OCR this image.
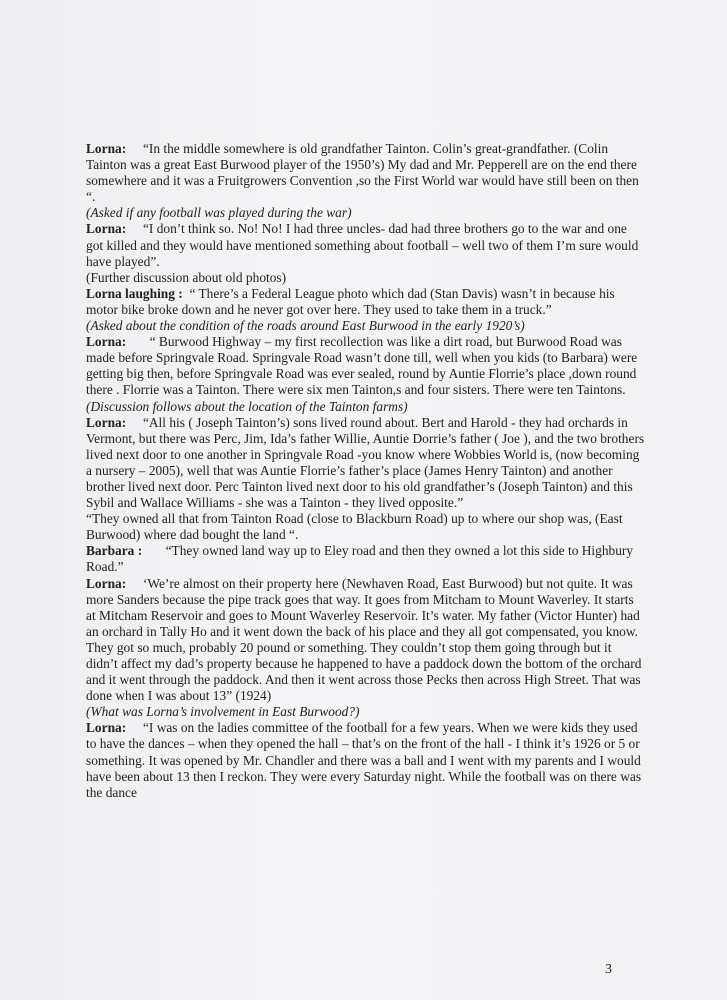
Lorna: “In the middle somewhere is old grandfather Tainton. Colin’s great-grandfather. (Colin Tainton was a great East Burwood player of the 1950’s) My dad and Mr. Pepperell are on the end there somewhere and it was a Fruitgrowers Convention ,so the First World war would have still been on then “.

(Asked if any football was played during the war)

Lorna: “I don’t think so. No! No! I had three uncles- dad had three brothers go to the war and one got killed and they would have mentioned something about football – well two of them I’m sure would have played”.

(Further discussion about old photos)

Lorna laughing : “ There’s a Federal League photo which dad (Stan Davis) wasn’t in because his motor bike broke down and he never got over here. They used to take them in a truck.”

(Asked about the condition of the roads around East Burwood in the early 1920’s)

Lorna: “ Burwood Highway – my first recollection was like a dirt road, but Burwood Road was made before Springvale Road. Springvale Road wasn’t done till, well when you kids (to Barbara) were getting big then, before Springvale Road was ever sealed, round by Auntie Florrie’s place ,down round there . Florrie was a Tainton. There were six men Tainton,s and four sisters. There were ten Taintons.

(Discussion follows about the location of the Tainton farms)

Lorna: “All his ( Joseph Tainton’s) sons lived round about. Bert and Harold - they had orchards in Vermont, but there was Perc, Jim, Ida’s father Willie, Auntie Dorrie’s father ( Joe ), and the two brothers lived next door to one another in Springvale Road -you know where Wobbies World is, (now becoming a nursery – 2005), well that was Auntie Florrie’s father’s place (James Henry Tainton) and another brother lived next door. Perc Tainton lived next door to his old grandfather’s (Joseph Tainton) and this Sybil and Wallace Williams - she was a Tainton - they lived opposite.”

“They owned all that from Tainton Road (close to Blackburn Road) up to where our shop was, (East Burwood) where dad bought the land “.

Barbara : “They owned land way up to Eley road and then they owned a lot this side to Highbury Road.”

Lorna: ‘We’re almost on their property here (Newhaven Road, East Burwood) but not quite. It was more Sanders because the pipe track goes that way. It goes from Mitcham to Mount Waverley. It starts at Mitcham Reservoir and goes to Mount Waverley Reservoir. It’s water. My father (Victor Hunter) had an orchard in Tally Ho and it went down the back of his place and they all got compensated, you know. They got so much, probably 20 pound or something. They couldn’t stop them going through but it didn’t affect my dad’s property because he happened to have a paddock down the bottom of the orchard and it went through the paddock. And then it went across those Pecks then across High Street. That was done when I was about 13” (1924)

(What was Lorna’s involvement in East Burwood?)

Lorna: “I was on the ladies committee of the football for a few years. When we were kids they used to have the dances – when they opened the hall – that’s on the front of the hall - I think it’s 1926 or 5 or something. It was opened by Mr. Chandler and there was a ball and I went with my parents and I would have been about 13 then I reckon. They were every Saturday night. While the football was on there was the dance

3
